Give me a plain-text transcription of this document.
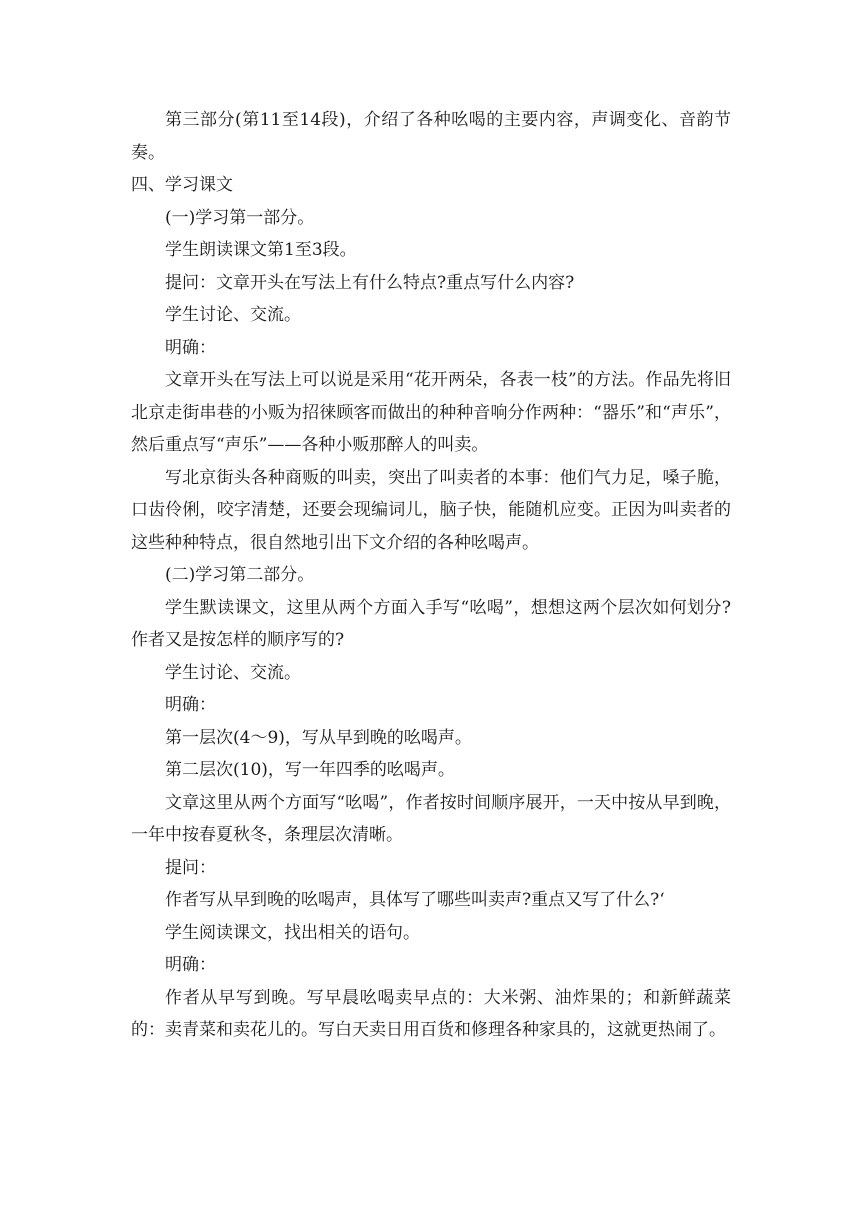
第三部分(第11至14段)，介绍了各种吆喝的主要内容，声调变化、音韵节奏。

四、学习课文

(一)学习第一部分。

学生朗读课文第1至3段。

提问：文章开头在写法上有什么特点?重点写什么内容?

学生讨论、交流。

明确：

文章开头在写法上可以说是采用“花开两朵，各表一枝”的方法。作品先将旧北京走街串巷的小贩为招徕顾客而做出的种种音响分作两种：“器乐”和“声乐”，然后重点写“声乐”——各种小贩那醉人的叫卖。

写北京街头各种商贩的叫卖，突出了叫卖者的本事：他们气力足，嗓子脆，口齿伶俐，咬字清楚，还要会现编词儿，脑子快，能随机应变。正因为叫卖者的这些种种特点，很自然地引出下文介绍的各种吆喝声。

(二)学习第二部分。

学生默读课文，这里从两个方面入手写“吆喝”，想想这两个层次如何划分?作者又是按怎样的顺序写的?

学生讨论、交流。

明确：

第一层次(4～9)，写从早到晚的吆喝声。

第二层次(10)，写一年四季的吆喝声。

文章这里从两个方面写“吆喝”，作者按时间顺序展开，一天中按从早到晚，一年中按春夏秋冬，条理层次清晰。

提问：

作者写从早到晚的吆喝声，具体写了哪些叫卖声?重点又写了什么?‘

学生阅读课文，找出相关的语句。

明确：

作者从早写到晚。写早晨吆喝卖早点的：大米粥、油炸果的；和新鲜蔬菜的：卖青菜和卖花儿的。写白天卖日用百货和修理各种家具的，这就更热闹了。
